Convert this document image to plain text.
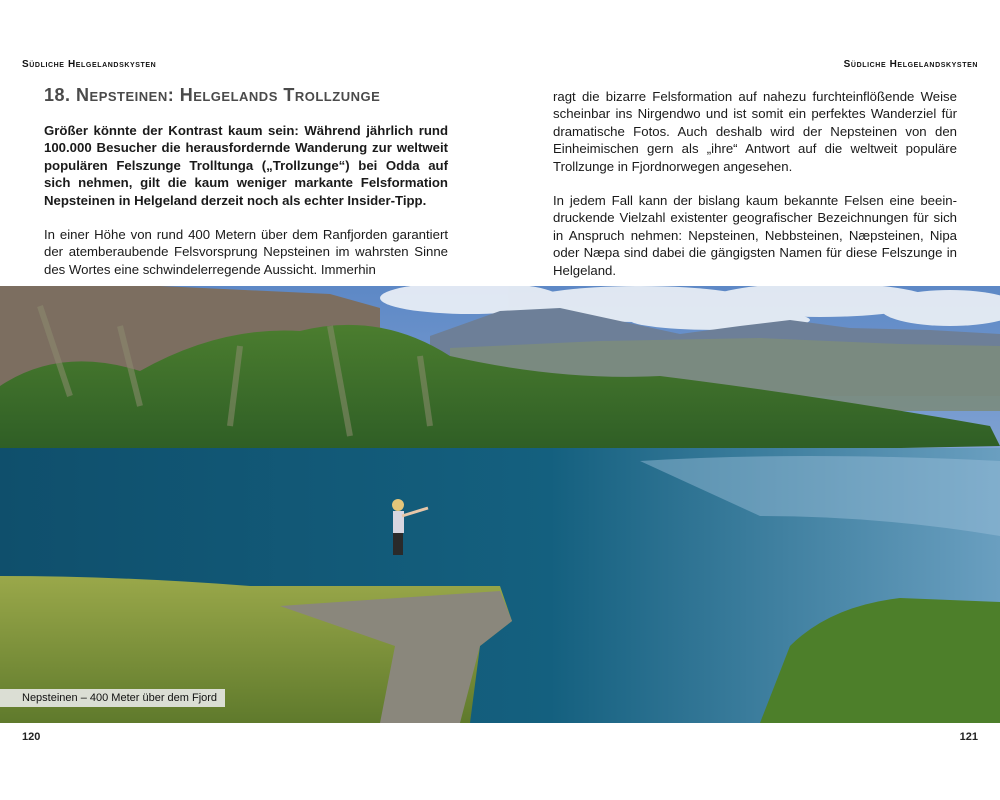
Südliche Helgelandskysten	Südliche Helgelandskysten
18. Nepsteinen: Helgelands Trollzunge

Größer könnte der Kontrast kaum sein: Während jährlich rund 100.000 Besucher die herausfordernde Wanderung zur weltweit populären Felszunge Trolltunga („Trollzunge“) bei Odda auf sich nehmen, gilt die kaum weniger markante Felsformation Nepsteinen in Helgeland derzeit noch als echter Insider-Tipp.

In einer Höhe von rund 400 Metern über dem Ranfjorden garantiert der atemberaubende Felsvorsprung Nepsteinen im wahrsten Sinne des Wortes eine schwindelerregende Aussicht. Immerhin

ragt die bizarre Felsformation auf nahezu furchteinflößende Weise scheinbar ins Nirgendwo und ist somit ein perfektes Wanderziel für dramatische Fotos. Auch deshalb wird der Nepsteinen von den Einheimischen gern als „ihre“ Antwort auf die weltweit populäre Trollzunge in Fjordnorwegen angesehen.

In jedem Fall kann der bislang kaum bekannte Felsen eine beeindruckende Vielzahl existenter geografischer Bezeichnungen für sich in Anspruch nehmen: Nepsteinen, Nebbsteinen, Næpsteinen, Nipa oder Næpa sind dabei die gängigsten Namen für diese Felszunge in Helgeland.

Nepsteinen – 400 Meter über dem Fjord
120	121
